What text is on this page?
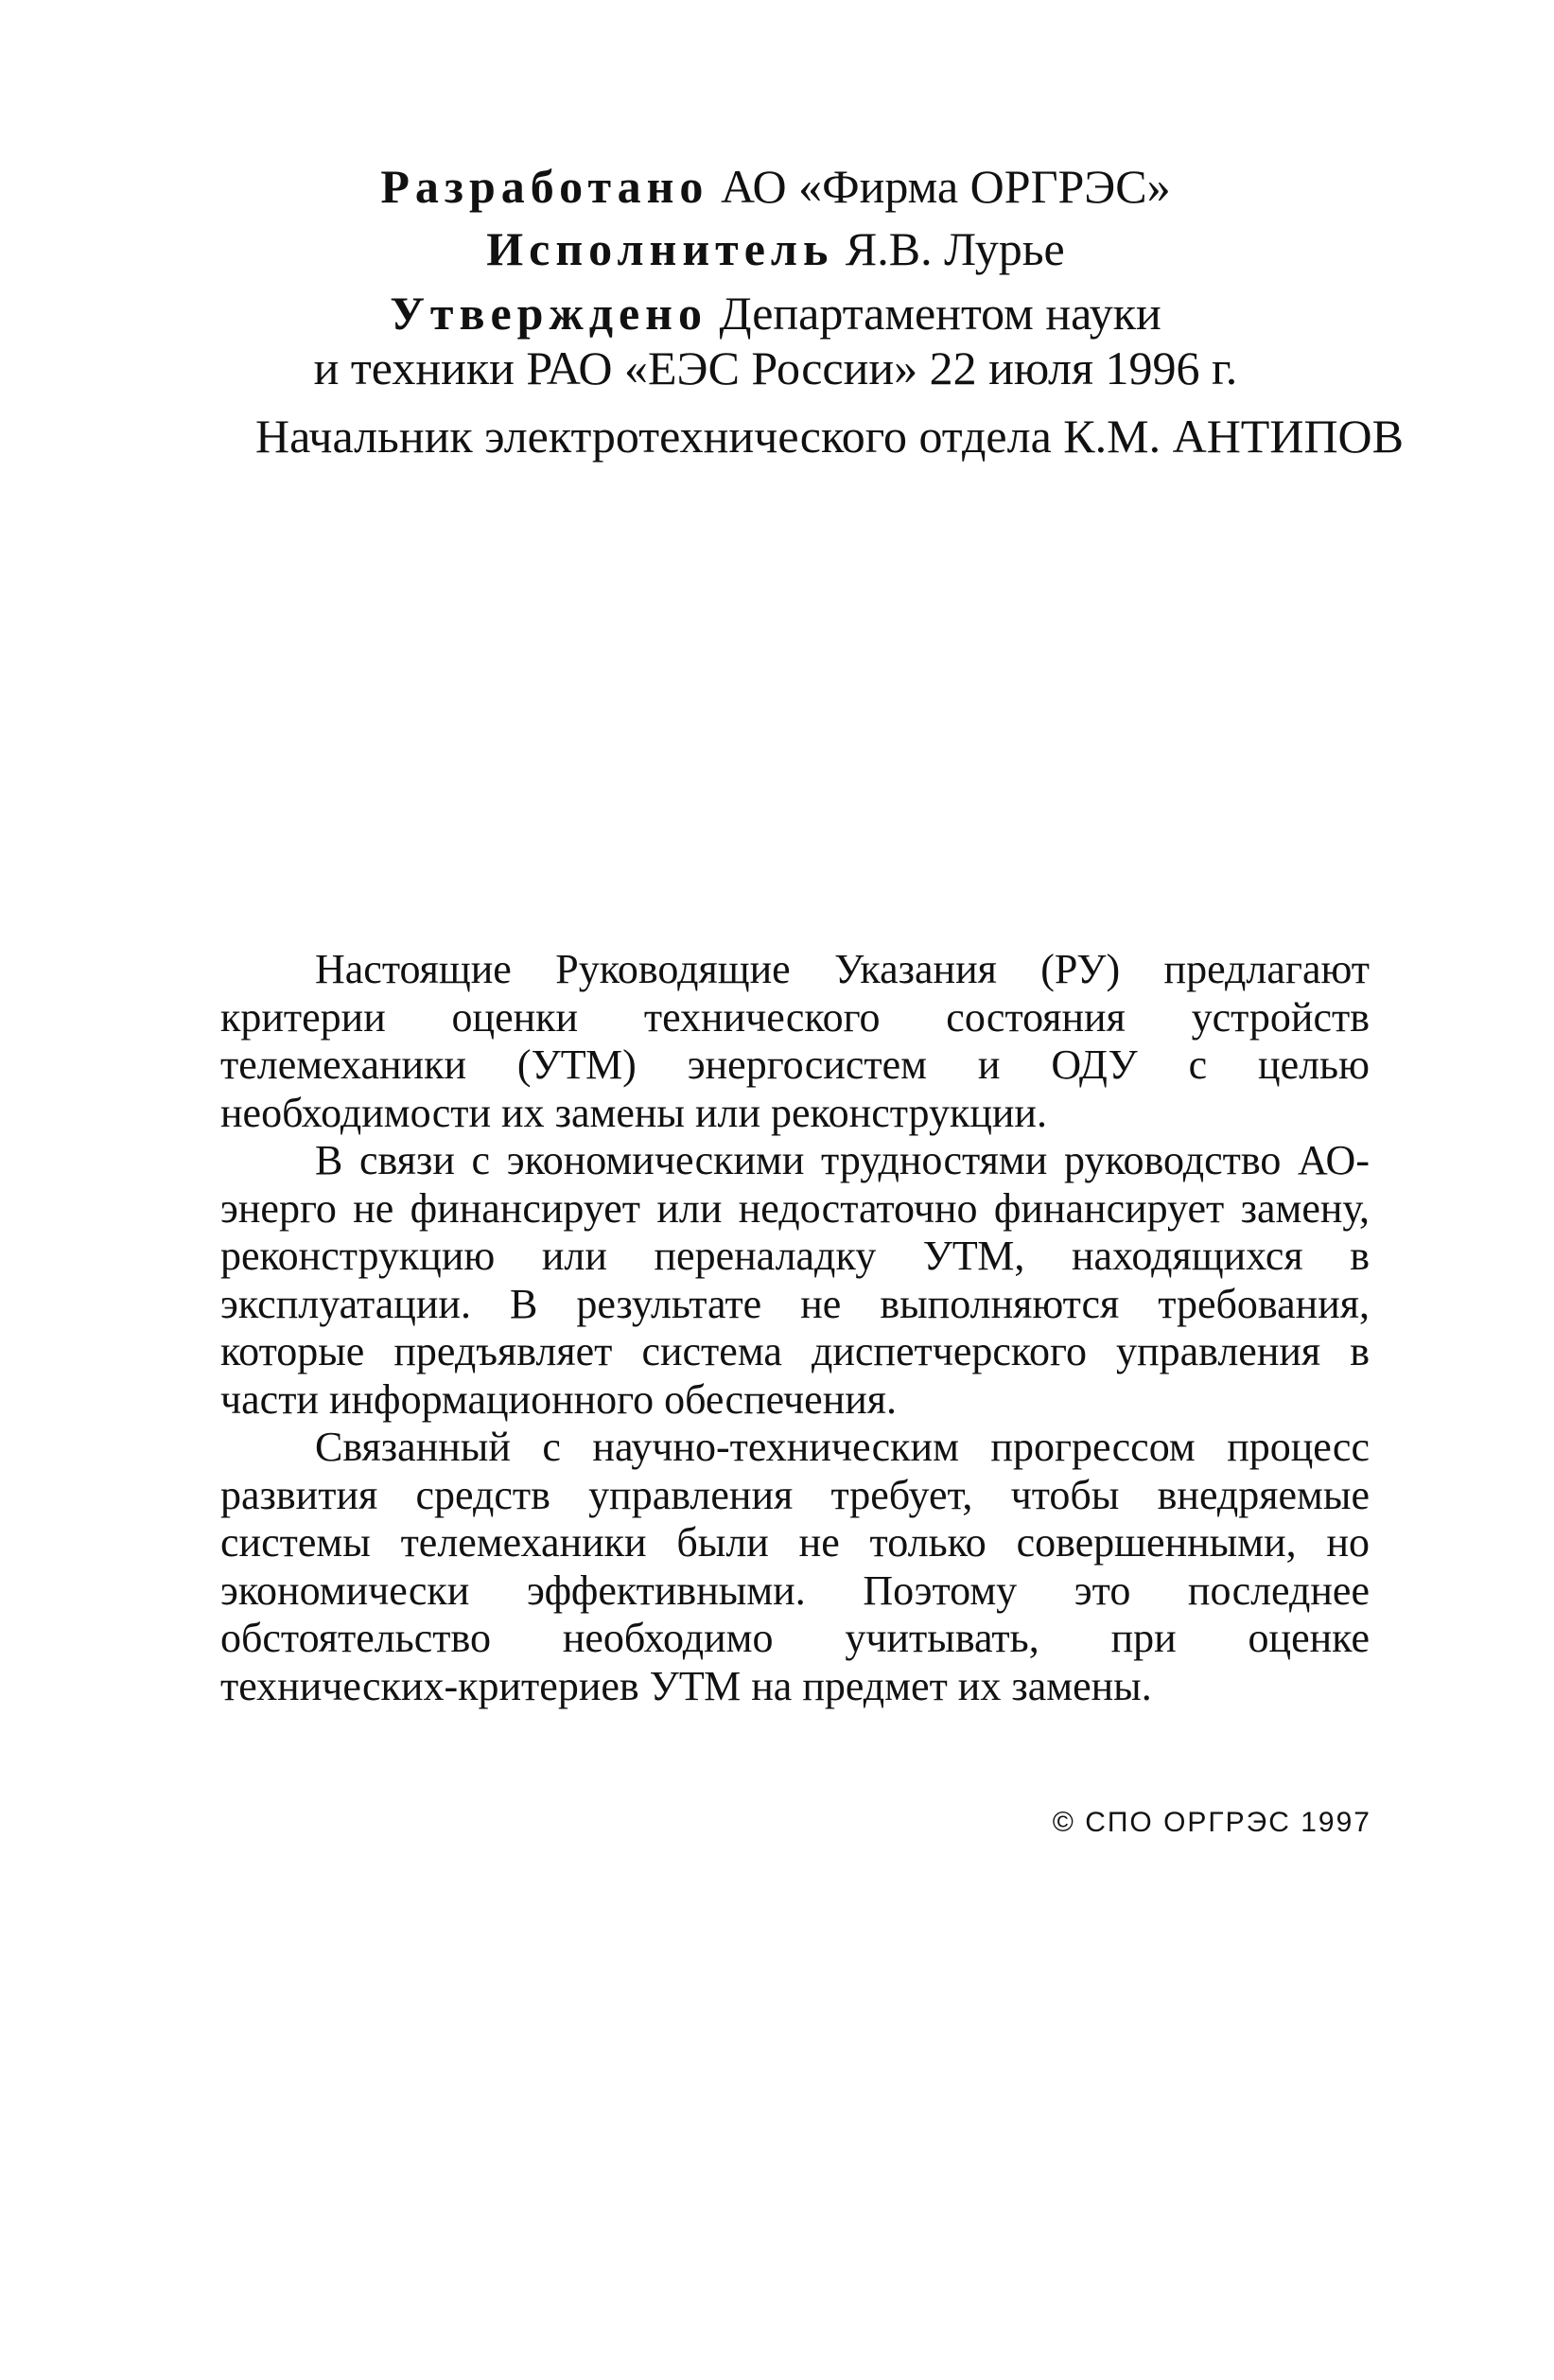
Разработано АО «Фирма ОРГРЭС»
Исполнитель Я.В. Лурье
Утверждено Департаментом науки
и техники РАО «ЕЭС России» 22 июля 1996 г.
Начальник электротехнического отдела К.М. АНТИПОВ

Настоящие Руководящие Указания (РУ) предлагают критерии оценки технического состояния устройств телемеханики (УТМ) энергосистем и ОДУ с целью необходимости их замены или реконструкции.

В связи с экономическими трудностями руководство АО-энерго не финансирует или недостаточно финансирует замену, реконструкцию или переналадку УТМ, находящихся в эксплуатации. В результате не выполняются требования, которые предъявляет система диспетчерского управления в части информационного обеспечения.

Связанный с научно-техническим прогрессом процесс развития средств управления требует, чтобы внедряемые системы телемеханики были не только совершенными, но экономически эффективными. Поэтому это последнее обстоятельство необходимо учитывать, при оценке технических-критериев УТМ на предмет их замены.

© СПО ОРГРЭС 1997
